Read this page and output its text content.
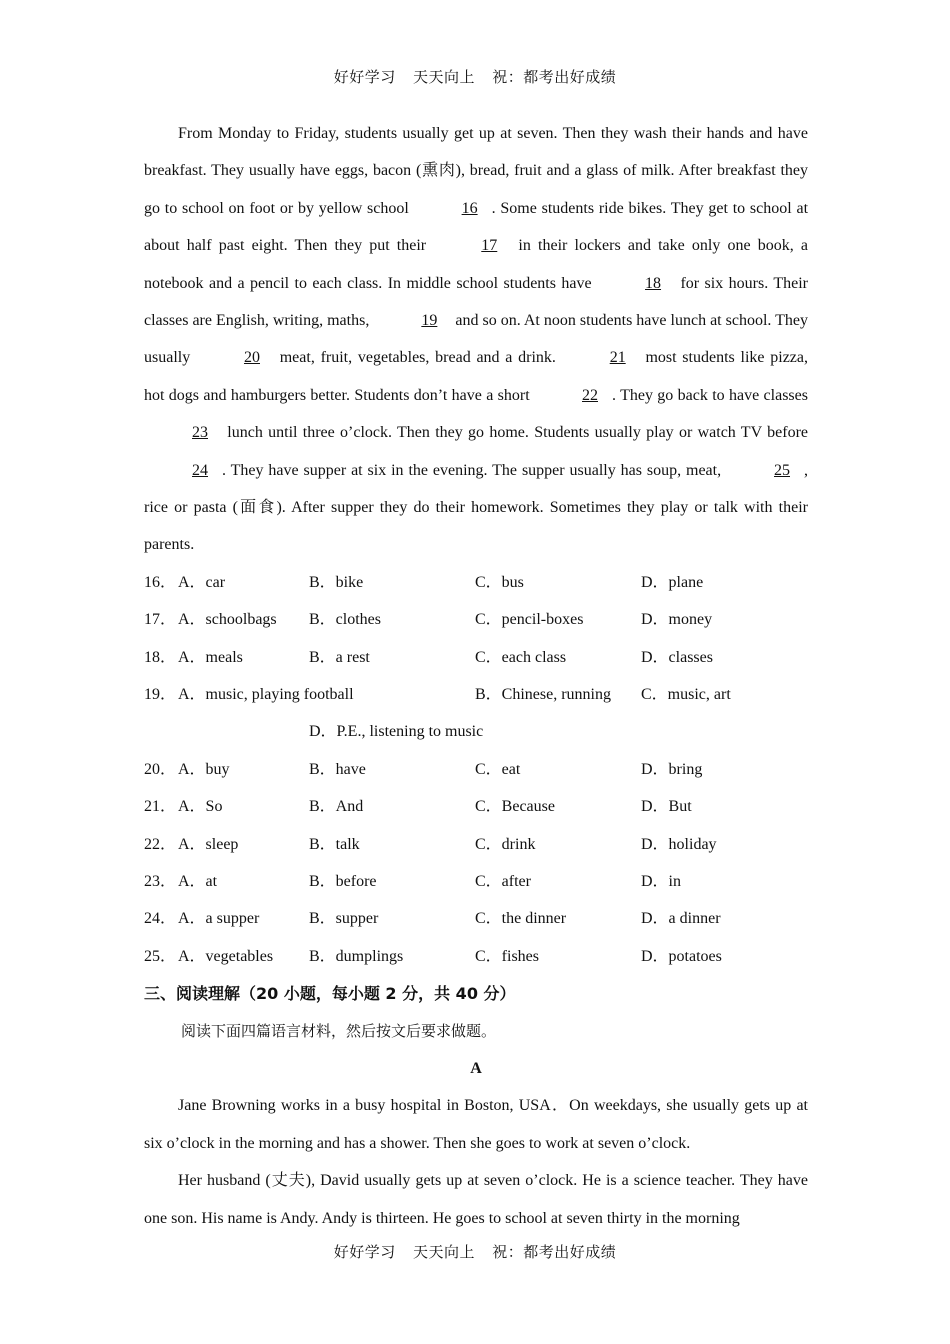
好好学习 天天向上 祝：都考出好成绩

From Monday to Friday, students usually get up at seven. Then they wash their hands and have breakfast. They usually have eggs, bacon (熏肉), bread, fruit and a glass of milk. After breakfast they go to school on foot or by yellow school	16 . Some students ride bikes. They get to school at about half past eight. Then they put their	17 in their lockers and take only one book, a notebook and a pencil to each class. In middle school students have	18 for six hours. Their classes are English, writing, maths,	19 and so on. At noon students have lunch at school. They usually	20 meat, fruit, vegetables, bread and a drink.	21 most students like pizza, hot dogs and hamburgers better. Students don’t have a short	22 . They go back to have classes 23 lunch until three o’clock. Then they go home. Students usually play or watch TV before 24 . They have supper at six in the evening. The supper usually has soup, meat,	25 , rice or pasta (面食). After supper they do their homework. Sometimes they play or talk with their parents.

16． A．car	B．bike	C．bus	D．plane
17． A．schoolbags B．clothes	C．pencil-boxes	D．money
18． A．meals	B．a rest	C．each class	D．classes
19． A．music, playing football	B．Chinese, running C．music, art
D．P.E., listening to music
20． A．buy	B．have	C．eat	D．bring
21． A．So	B．And	C．Because	D．But
22． A．sleep	B．talk	C．drink	D．holiday
23． A．at	B．before	C．after	D．in
24． A．a supper	B．supper	C．the dinner	D．a dinner
25． A．vegetables B．dumplings	C．fishes	D．potatoes
三、阅读理解（20 小题，每小题 2 分，共 40 分）
阅读下面四篇语言材料，然后按文后要求做题。
A

Jane Browning works in a busy hospital in Boston, USA．On weekdays, she usually gets up at six o’clock in the morning and has a shower. Then she goes to work at seven o’clock.

Her husband (丈夫), David usually gets up at seven o’clock. He is a science teacher. They have one son. His name is Andy. Andy is thirteen. He goes to school at seven thirty in the morning

好好学习 天天向上 祝：都考出好成绩
